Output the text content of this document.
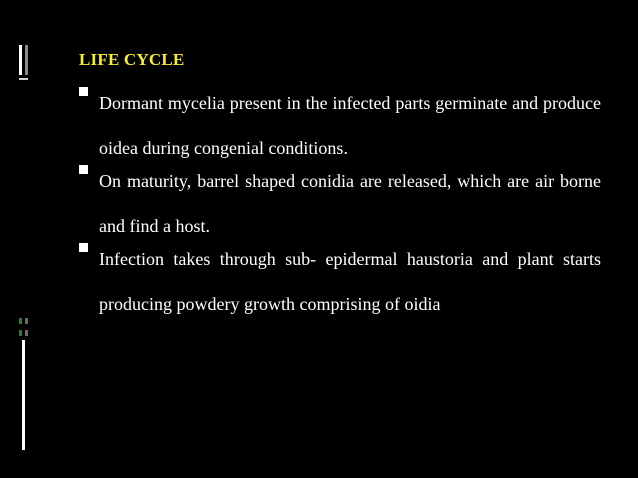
LIFE CYCLE
Dormant mycelia present in the infected parts germinate and produce oidea during congenial conditions.
On maturity, barrel shaped conidia are released, which are air borne and find a host.
Infection takes through sub- epidermal haustoria and plant starts producing powdery growth comprising of oidia
